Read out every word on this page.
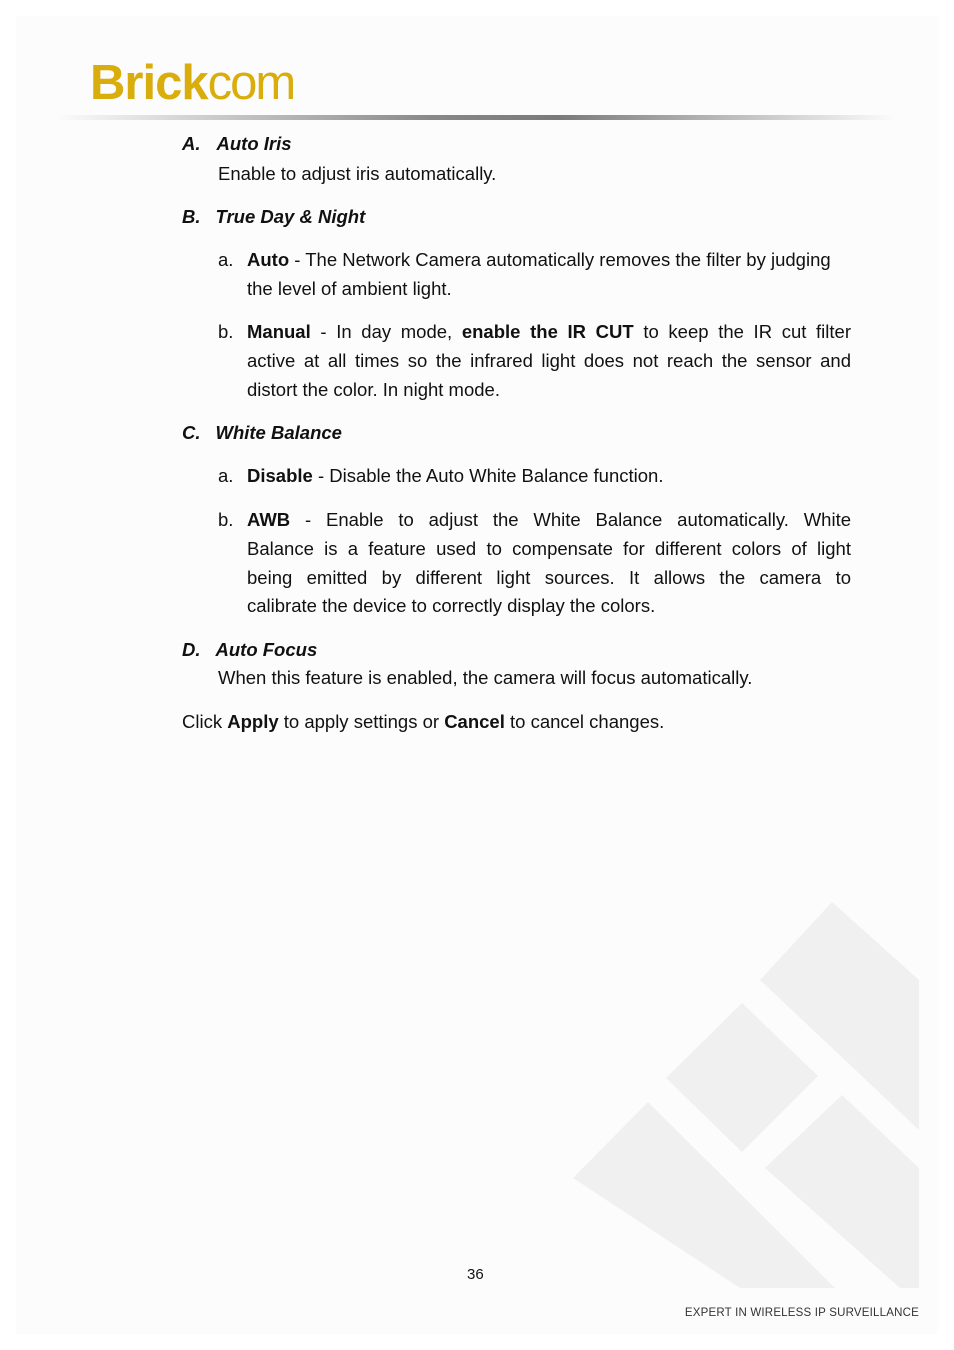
Brickcom
A. Auto Iris
Enable to adjust iris automatically.
B. True Day & Night
a. Auto - The Network Camera automatically removes the filter by judging
the level of ambient light.
b. Manual - In day mode, enable the IR CUT to keep the IR cut filter
active at all times so the infrared light does not reach the sensor and
distort the color. In night mode.
C. White Balance
a. Disable - Disable the Auto White Balance function.
b. AWB - Enable to adjust the White Balance automatically. White
Balance is a feature used to compensate for different colors of light
being emitted by different light sources. It allows the camera to
calibrate the device to correctly display the colors.
D. Auto Focus
When this feature is enabled, the camera will focus automatically.
Click Apply to apply settings or Cancel to cancel changes.
36
EXPERT IN WIRELESS IP SURVEILLANCE
